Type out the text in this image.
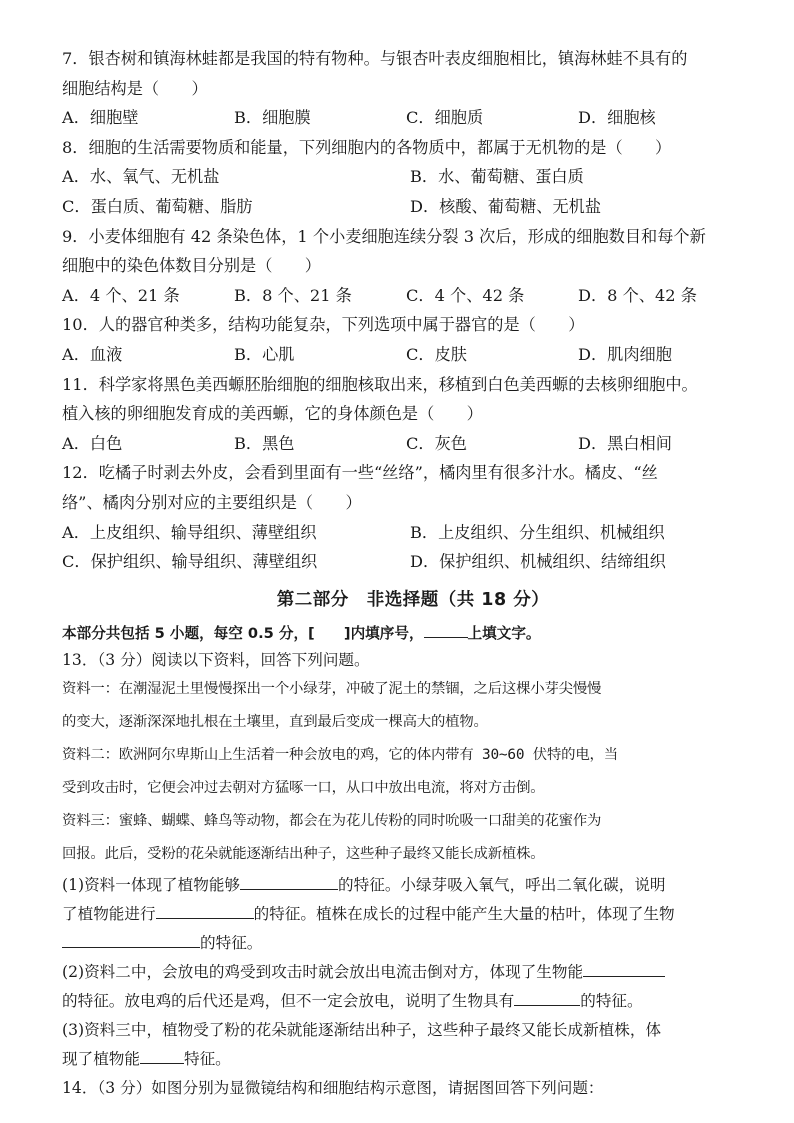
7．银杏树和镇海林蛙都是我国的特有物种。与银杏叶表皮细胞相比，镇海林蛙不具有的
细胞结构是（　　）
A．细胞壁	B．细胞膜	C．细胞质	D．细胞核
8．细胞的生活需要物质和能量，下列细胞内的各物质中，都属于无机物的是（　　）
A．水、氧气、无机盐	B．水、葡萄糖、蛋白质
C．蛋白质、葡萄糖、脂肪	D．核酸、葡萄糖、无机盐
9．小麦体细胞有 42 条染色体，1 个小麦细胞连续分裂 3 次后，形成的细胞数目和每个新
细胞中的染色体数目分别是（　　）
A．4 个、21 条	B．8 个、21 条	C．4 个、42 条	D．8 个、42 条
10．人的器官种类多，结构功能复杂，下列选项中属于器官的是（　　）
A．血液	B．心肌	C．皮肤	D．肌肉细胞
11．科学家将黑色美西螈胚胎细胞的细胞核取出来，移植到白色美西螈的去核卵细胞中。
植入核的卵细胞发育成的美西螈，它的身体颜色是（　　）
A．白色	B．黑色	C．灰色	D．黑白相间
12．吃橘子时剥去外皮，会看到里面有一些“丝络”，橘肉里有很多汁水。橘皮、“丝
络”、橘肉分别对应的主要组织是（　　）
A．上皮组织、输导组织、薄壁组织	B．上皮组织、分生组织、机械组织
C．保护组织、输导组织、薄壁组织	D．保护组织、机械组织、结缔组织
第二部分　非选择题（共 18 分）
本部分共包括 5 小题，每空 0.5 分，[　　]内填序号，	上填文字。
13．（3 分）阅读以下资料，回答下列问题。
资料一：在潮湿泥土里慢慢探出一个小绿芽，冲破了泥土的禁锢，之后这棵小芽尖慢慢
的变大，逐渐深深地扎根在土壤里，直到最后变成一棵高大的植物。
资料二：欧洲阿尔卑斯山上生活着一种会放电的鸡，它的体内带有 30~60 伏特的电，当
受到攻击时，它便会冲过去朝对方猛啄一口，从口中放出电流，将对方击倒。
资料三：蜜蜂、蝴蝶、蜂鸟等动物，都会在为花儿传粉的同时吮吸一口甜美的花蜜作为
回报。此后，受粉的花朵就能逐渐结出种子，这些种子最终又能长成新植株。
(1)资料一体现了植物能够	的特征。小绿芽吸入氧气，呼出二氧化碳，说明
了植物能进行	的特征。植株在成长的过程中能产生大量的枯叶，体现了生物
的特征。
(2)资料二中，会放电的鸡受到攻击时就会放出电流击倒对方，体现了生物能
的特征。放电鸡的后代还是鸡，但不一定会放电，说明了生物具有	的特征。
(3)资料三中，植物受了粉的花朵就能逐渐结出种子，这些种子最终又能长成新植株，体
现了植物能	特征。
14．（3 分）如图分别为显微镜结构和细胞结构示意图，请据图回答下列问题：
